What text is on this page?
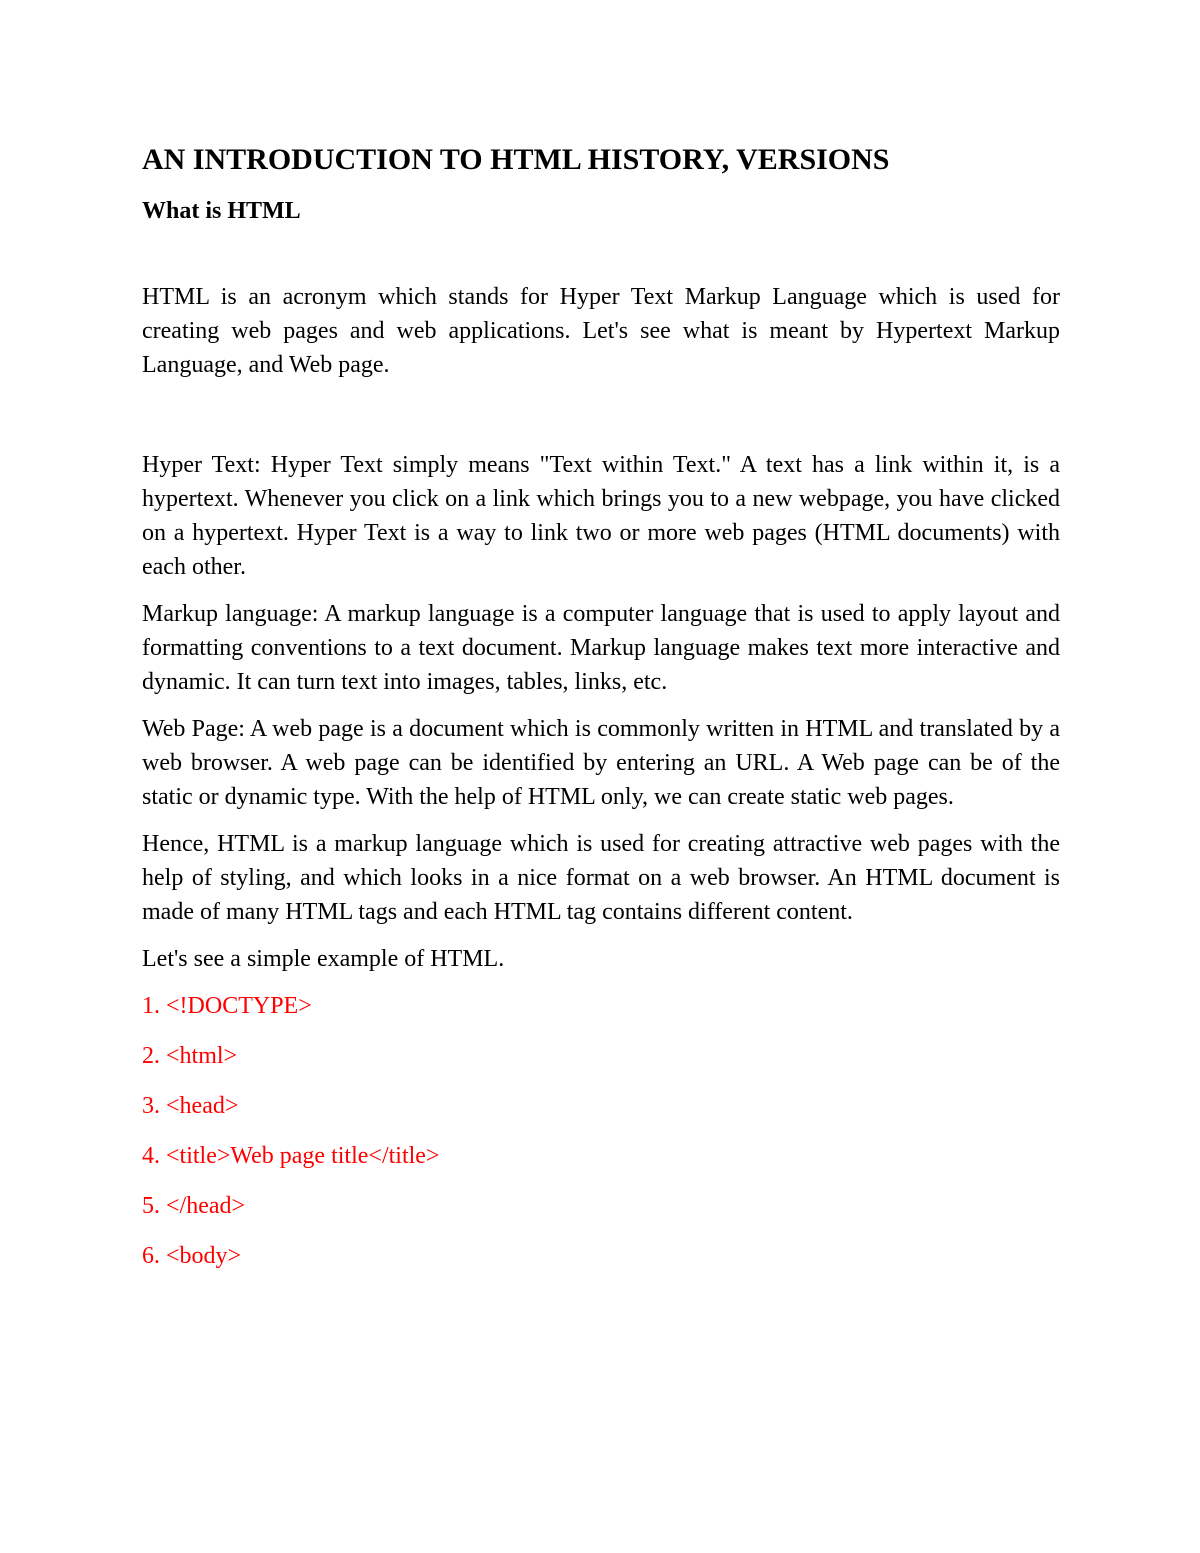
AN INTRODUCTION TO HTML HISTORY, VERSIONS
What is HTML

HTML is an acronym which stands for Hyper Text Markup Language which is used for creating web pages and web applications. Let's see what is meant by Hypertext Markup Language, and Web page.

Hyper Text: Hyper Text simply means "Text within Text." A text has a link within it, is a hypertext. Whenever you click on a link which brings you to a new webpage, you have clicked on a hypertext. Hyper Text is a way to link two or more web pages (HTML documents) with each other.

Markup language: A markup language is a computer language that is used to apply layout and formatting conventions to a text document. Markup language makes text more interactive and dynamic. It can turn text into images, tables, links, etc.

Web Page: A web page is a document which is commonly written in HTML and translated by a web browser. A web page can be identified by entering an URL. A Web page can be of the static or dynamic type. With the help of HTML only, we can create static web pages.

Hence, HTML is a markup language which is used for creating attractive web pages with the help of styling, and which looks in a nice format on a web browser. An HTML document is made of many HTML tags and each HTML tag contains different content.

Let's see a simple example of HTML.

1. <!DOCTYPE>
2. <html>
3. <head>
4. <title>Web page title</title>
5. </head>
6. <body>
